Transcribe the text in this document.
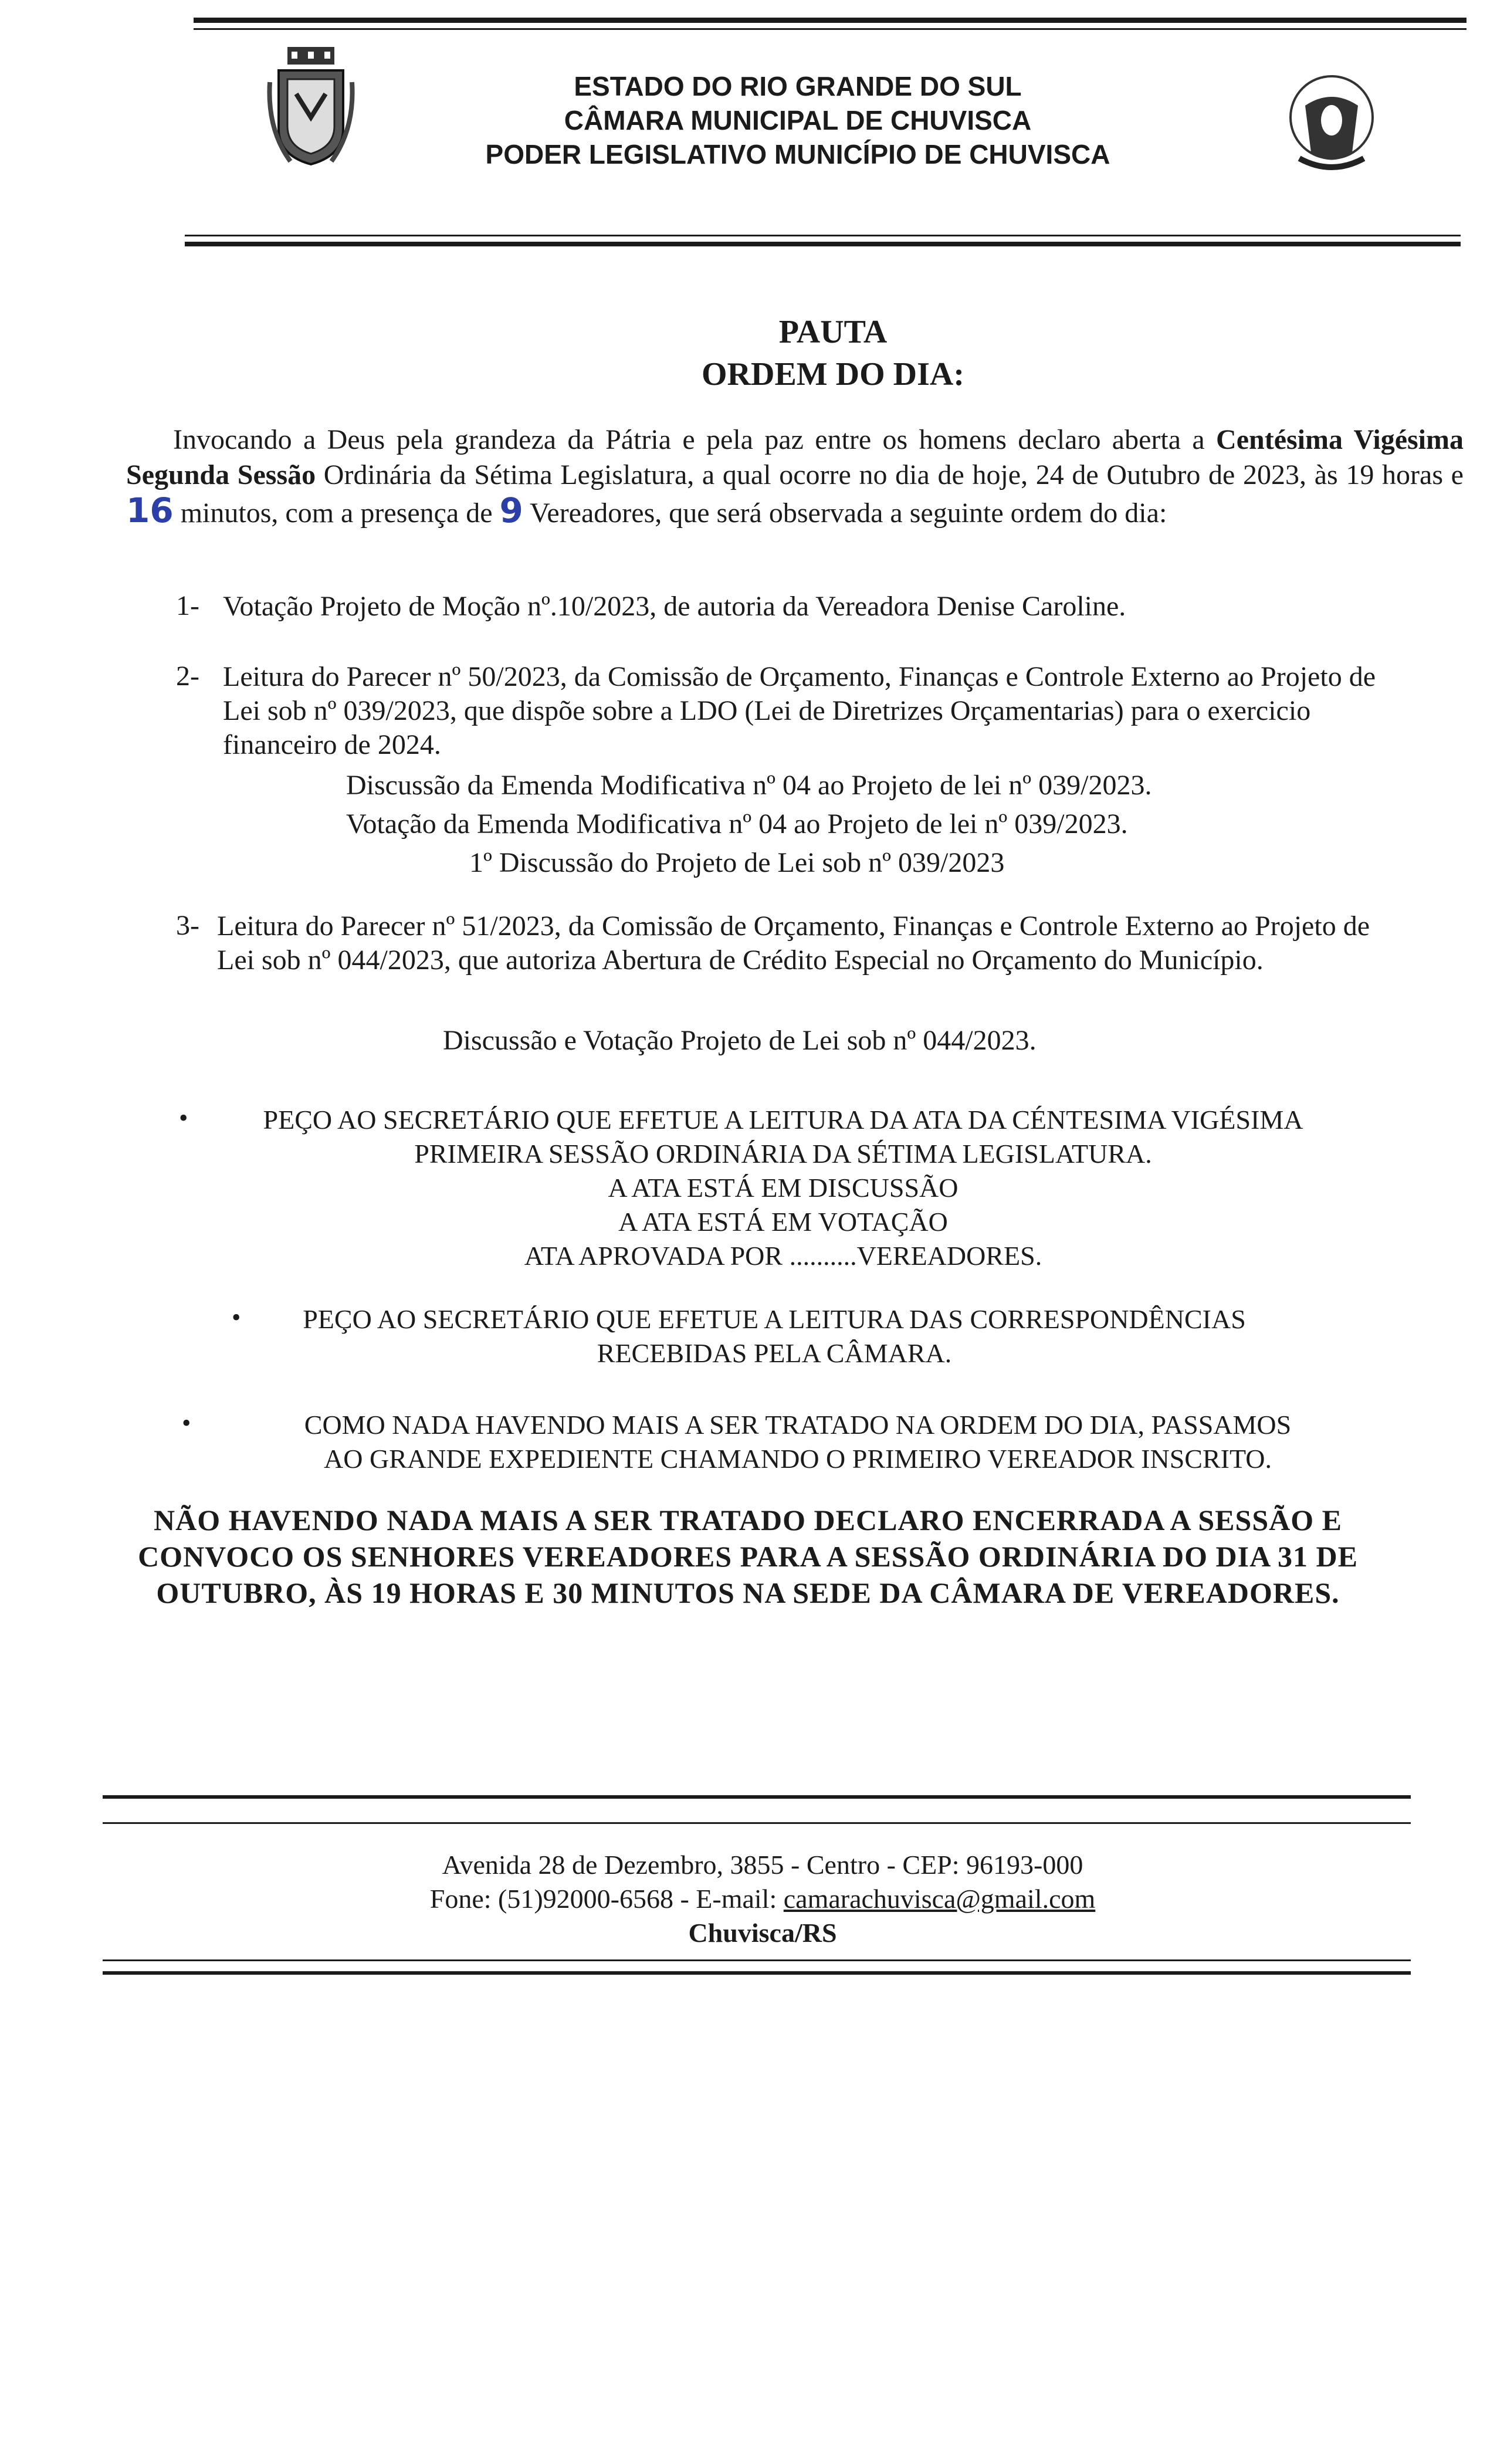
ESTADO DO RIO GRANDE DO SUL
CÂMARA MUNICIPAL DE CHUVISCA
PODER LEGISLATIVO MUNICÍPIO DE CHUVISCA
PAUTA
ORDEM DO DIA:
Invocando a Deus pela grandeza da Pátria e pela paz entre os homens declaro aberta a Centésima Vigésima Segunda Sessão Ordinária da Sétima Legislatura, a qual ocorre no dia de hoje, 24 de Outubro de 2023, às 19 horas e 16 minutos, com a presença de 9 Vereadores, que será observada a seguinte ordem do dia:
1- Votação Projeto de Moção nº.10/2023, de autoria da Vereadora Denise Caroline.
2- Leitura do Parecer nº 50/2023, da Comissão de Orçamento, Finanças e Controle Externo ao Projeto de
Lei sob nº 039/2023, que dispõe sobre a LDO (Lei de Diretrizes Orçamentarias) para o exercicio
financeiro de 2024.
Discussão da Emenda Modificativa nº 04 ao Projeto de lei nº 039/2023.
Votação da Emenda Modificativa nº 04 ao Projeto de lei nº 039/2023.
1º Discussão do Projeto de Lei sob nº 039/2023
3- Leitura do Parecer nº 51/2023, da Comissão de Orçamento, Finanças e Controle Externo ao Projeto de
Lei sob nº 044/2023, que autoriza Abertura de Crédito Especial no Orçamento do Município.
Discussão e Votação Projeto de Lei sob nº 044/2023.
•	PEÇO AO SECRETÁRIO QUE EFETUE A LEITURA DA ATA DA CÉNTESIMA VIGÉSIMA
PRIMEIRA SESSÃO ORDINÁRIA DA SÉTIMA LEGISLATURA.
A ATA ESTÁ EM DISCUSSÃO
A ATA ESTÁ EM VOTAÇÃO
ATA APROVADA POR ..........VEREADORES.
•	PEÇO AO SECRETÁRIO QUE EFETUE A LEITURA DAS CORRESPONDÊNCIAS
RECEBIDAS PELA CÂMARA.
•	COMO NADA HAVENDO MAIS A SER TRATADO NA ORDEM DO DIA, PASSAMOS
AO GRANDE EXPEDIENTE CHAMANDO O PRIMEIRO VEREADOR INSCRITO.
NÃO HAVENDO NADA MAIS A SER TRATADO DECLARO ENCERRADA A SESSÃO E
CONVOCO OS SENHORES VEREADORES PARA A SESSÃO ORDINÁRIA DO DIA 31 DE
OUTUBRO, ÀS 19 HORAS E 30 MINUTOS NA SEDE DA CÂMARA DE VEREADORES.
Avenida 28 de Dezembro, 3855 - Centro - CEP: 96193-000
Fone: (51)92000-6568 - E-mail: camarachuvisca@gmail.com
Chuvisca/RS
